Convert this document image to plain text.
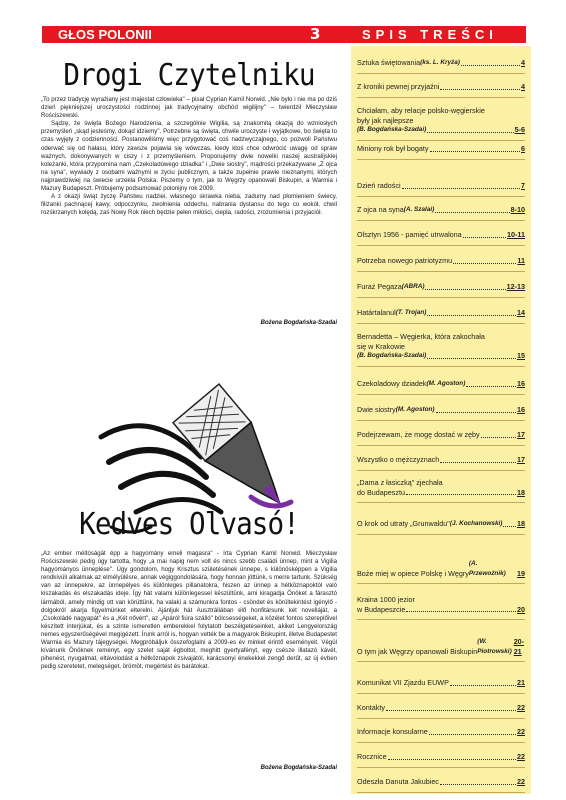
GŁOS POLONII	3	SPIS TREŚCI
Drogi Czytelniku
„To przez tradycję wyrażiany jest majestat człowieka" – pisał Cyprian Kamil Norwid. „Nie było i nie ma po dziś dzień piękniejszej uroczystości rodzinnej jak tradycyjnalny obchód wigilijny" – twierdził Mieczysław Rościszewski.
Sądzę, że święta Bożego Narodzenia, a szczególnie Wigilia, są znakomitą okazją do wzniosłych przemyśleń „skąd jesteśmy, dokąd idziemy". Potrzebne są święta, chwile uroczyste i wyjątkowe, bo święta to czas wyjęty z codzienności. Postanowiliśmy więc przygotować coś nadzwyczajnego, co pozwoli Państwu oderwać się od hałasu, który zawsze pojawia się wówczas, kiedy ktoś chce odwrócić uwagę od spraw ważnych, dokonywanych w ciszy i z przemyśleniem. Proponujemy dwie nowelki naszej australijskiej koleżanki, która przypomina nam „Czekoladowego dziadka" i „Dwie siostry", mądrości przekazywane „Z ojca na syna", wywiady z osobami ważnymi w życiu publicznym, a także zupełnie prawie nieznanymi, których najprawdziwiej na świecie urzekła Polska. Piszemy o tym, jak to Węgrzy opanowali Biskupin, a Warmia i Mazury Budapeszt. Próbujemy podsumować polonijny rok 2009.
A z okazji świąt życzę Państwu nadziei, własnego skrawka nieba, zadumy nad płomieniem świecy, filiżanki pachnącej kawy, odpoczynku, zwolnienia oddechu, nabrania dystansu do tego co wokół, chwil rozśkrzanych kolędą, zaś Nowy Rok niech będzie pełen miłości, ciepła, radości, zrozumienia i przyjaciół.
Bożena Bogdańska-Szadai
Kedves Olvasó!
„Az ember méltóságát épp a hagyomány emeli magasra" - írta Cyprian Kamil Norwid. Mieczysław Rościszewski pedig úgy tartotta, hogy „a mai napig nem volt és nincs szebb családi ünnep, mint a Vigilia hagyományos ünneplése". Úgy gondolom, hogy Krisztus születésének ünnepe, s különösképpen a Vigília rendkívüli alkalmak az elmélyülésre, annak végiggondolására, hogy honnan jöttünk, s merre tartunk. Szükség van az ünnepekre, az ünnepélyes és különleges pillanatokra, hiszen az ünnep a hétköznapoktól való kiszakadás és elszakadás ideje. Így hát valami különlegessel készültünk, ami kiragadja Önöket a fárasztó lármából, amely mindig ott van körüttünk, ha valaki a számunkra fontos - csöndet és körültekintést igénylő - dolgokról akarja figyelmünket elterelni. Ajánljuk hát Ausztráliában élő honfitársunk két novelláját, a „Csokoládé nagyapát" és a „Két nővért", az „Apáról fiúra szálló" bölcsességeket, a közélet fontos szereplőivel készített interjúkat, és a szinte ismeretlen emberekkel folytatott beszélgetéseinket, akiket Lengyelország nemes egyszerűségével megigézett. Írunk arról is, hogyan vették be a magyarok Biskupint, illetve Budapestet Warmia és Mazury tájegységei. Megpróbáljuk összefoglalni a 2009-es év minket érintő eseményeit. Végül kívánunk Önöknek reményt, egy szelet saját égboltot, meghitt gyertyafényt, egy csésze illatazó kávét, pihenést, nyugalmat, eltávolodást a hétköznapok zsivajától, karácsonyi énekekkel zengő derűt, az új évben pedig szeretetet, melegséget, örömöt, megértést és barátokat.
Bożena Bogdańska-Szadai
Sztuka świętowania (ks. L. Kryża)	4
Z kroniki pewnej przyjaźni	4
Chciałam, aby relacje polsko-węgierskie
były jak najlepsze
(B. Bogdańska-Szadai)	5-6
Miniony rok był bogaty	6
Dzień radości	7
Z ojca na syna (A. Szalai)	8-10
Olsztyn 1956 - pamięć utrwalona	10-11
Potrzeba nowego patriotyzmu	11
Furaż Pegaza (ABRA)	12-13
Határtalanul (T. Trojan)	14
Bernadetta – Węgierka, która zakochała
się w Krakowie
(B. Bogdańska-Szadai)	15
Czekoladowy dziadek (M. Agoston)	16
Dwie siostry (M. Agoston)	16
Podejrzewam, że mogę dostać w zęby	17
Wszystko o mężczyznach	17
„Dama z łasiczką" zjechała
do Budapesztu	18
O krok od utraty „Grunwaldu" (J. Kochanowski) 18
Boże miej w opiece Polskę i Węgry
(A. Przewoźnik)	19
Kraina 1000 jezior
w Budapeszcie	20
O tym jak Węgrzy opanowali Biskupin
(W. Piotrowski)
20-21
Komunikat VII Zjazdu EUWP	21
Kontakty	22
Informacje konsularne	22
Rocznice	22
Odeszła Danuta Jakubiec	22
